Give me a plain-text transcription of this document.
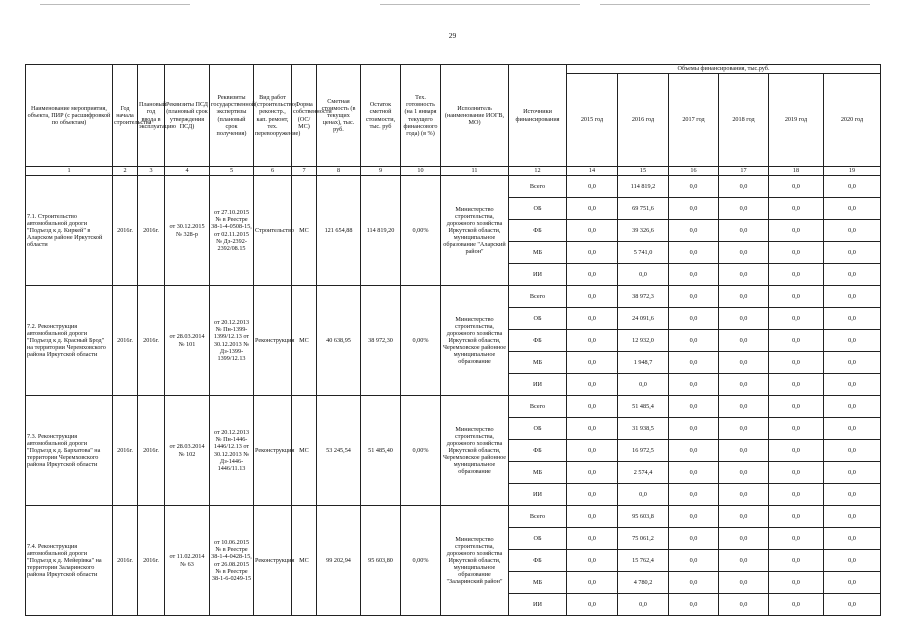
29
Наименование мероприятия, объекта, ПИР (с расшифровкой по объектам)	Год начала строительства	Плановый год ввода в эксплуатацию	Реквизиты ПСД (плановый срок утверждения ПСД)	Реквизиты государственной экспертизы (плановый срок получения)	Вид работ (строительство, реконстр., кап. ремонт, тех. перевооружение)	Форма собственности (ОС/МС)	Сметная стоимость (в текущих ценах), тыс. руб.	Остаток сметной стоимости, тыс. руб	Тех. готовность (на 1 января текущего финансового года) (в %)	Исполнитель (наименование ИОГВ, МО)	Источники финансирования	Объемы финансирования, тыс.руб.					
												2015 год	2016 год	2017 год	2018 год	2019 год	2020 год
1	2	3	4	5	6	7	8	9	10	11	12	14	15	16	17	18	19
7.1. Строительство автомобильной дороги "Подъезд к д. Киркей" в Аларском районе Иркутской области	2016г.	2016г.	от 30.12.2015 № 328-р	от 27.10.2015 № в Реестре 38-1-4-0508-15, от 02.11.2015 № Дз-2392-2392/08.15	Строительство	МС	121 654,88	114 819,20	0,00%	Министерство строительства, дорожного хозяйства Иркутской области, муниципальное образование "Аларский район"	Всего	0,0	114 819,2	0,0	0,0	0,0	0,0
											ОБ	0,0	69 751,6	0,0	0,0	0,0	0,0
											ФБ	0,0	39 326,6	0,0	0,0	0,0	0,0
											МБ	0,0	5 741,0	0,0	0,0	0,0	0,0
											ИИ	0,0	0,0	0,0	0,0	0,0	0,0
7.2. Реконструкция автомобильной дороги "Подъезд к д. Красный Брод" на территории Черемховского района Иркутской области	2016г.	2016г.	от 28.03.2014 № 101	от 20.12.2013 № Пн-1399-1399/12.13 от 30.12.2013 № Дз-1399-1399/12.13	Реконструкция	МС	40 638,95	38 972,30	0,00%	Министерство строительства, дорожного хозяйства Иркутской области, Черемховское районное муниципальное образование	Всего	0,0	38 972,3	0,0	0,0	0,0	0,0
											ОБ	0,0	24 091,6	0,0	0,0	0,0	0,0
											ФБ	0,0	12 932,0	0,0	0,0	0,0	0,0
											МБ	0,0	1 948,7	0,0	0,0	0,0	0,0
											ИИ	0,0	0,0	0,0	0,0	0,0	0,0
7.3. Реконструкция автомобильной дороги "Подъезд к д. Бархатова" на территории Черемховского района Иркутской области	2016г.	2016г.	от 28.03.2014 № 102	от 20.12.2013 № Пн-1446-1446/12.13 от 30.12.2013 № Дз-1446-1446/11.13	Реконструкция	МС	53 245,54	51 485,40	0,00%	Министерство строительства, дорожного хозяйства Иркутской области, Черемховское районное муниципальное образование	Всего	0,0	51 485,4	0,0	0,0	0,0	0,0
											ОБ	0,0	31 938,5	0,0	0,0	0,0	0,0
											ФБ	0,0	16 972,5	0,0	0,0	0,0	0,0
											МБ	0,0	2 574,4	0,0	0,0	0,0	0,0
											ИИ	0,0	0,0	0,0	0,0	0,0	0,0
7.4. Реконструкция автомобильной дороги "Подъезд к д. Мейерівка" на территории Заларинского района Иркутской области	2016г.	2016г.	от 11.02.2014 № 63	от 10.06.2015 № в Реестре 38-1-4-0428-15, от 26.08.2015 № в Реестре 38-1-6-0249-15	Реконструкция	МС	99 202,94	95 603,80	0,00%	Министерство строительства, дорожного хозяйства Иркутской области, муниципальное образование "Заларинский район"	Всего	0,0	95 603,8	0,0	0,0	0,0	0,0
											ОБ	0,0	75 061,2	0,0	0,0	0,0	0,0
											ФБ	0,0	15 762,4	0,0	0,0	0,0	0,0
											МБ	0,0	4 780,2	0,0	0,0	0,0	0,0
											ИИ	0,0	0,0	0,0	0,0	0,0	0,0
